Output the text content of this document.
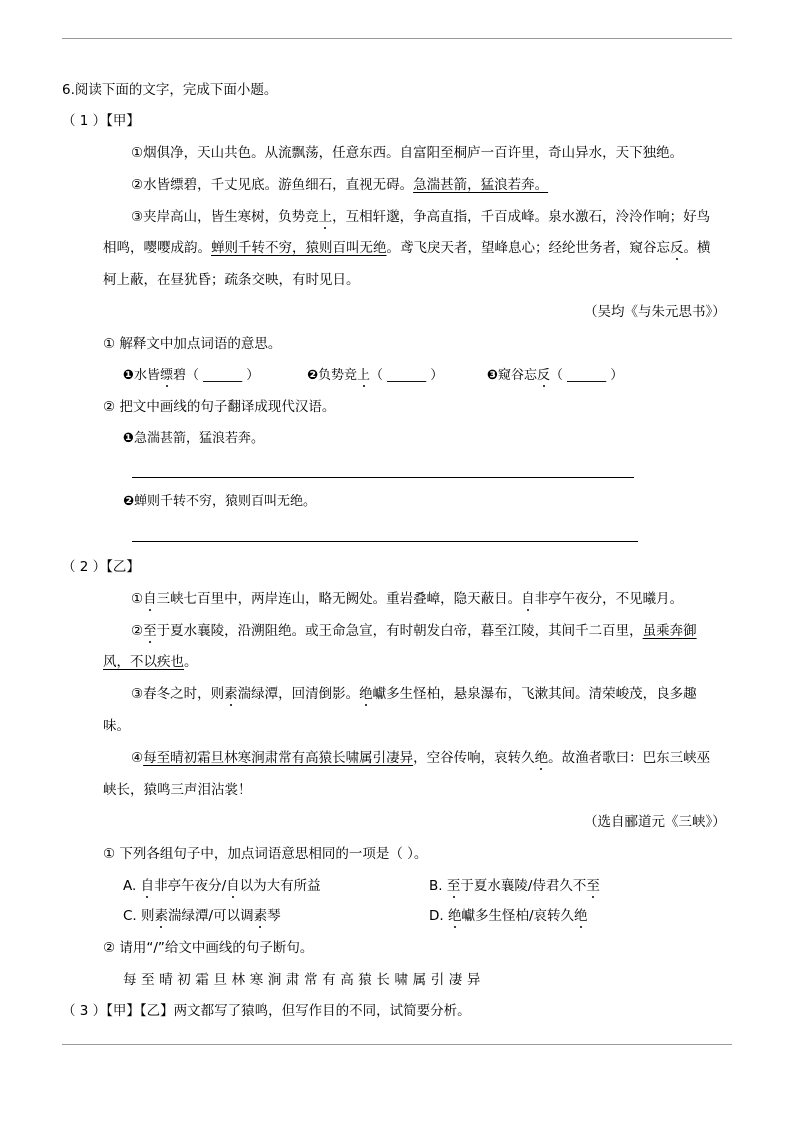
6.阅读下面的文字，完成下面小题。
（ 1 ）【甲】
①烟俱净，天山共色。从流飘荡，任意东西。自富阳至桐庐一百许里，奇山异水，天下独绝。
②水皆缥碧，千丈见底。游鱼细石，直视无碍。急湍甚箭，猛浪若奔。
③夹岸高山，皆生寒树，负势竞上，互相轩邈，争高直指，千百成峰。泉水激石，泠泠作响；好鸟
相鸣，嘤嘤成韵。蝉则千转不穷，猿则百叫无绝。鸢飞戾天者，望峰息心；经纶世务者，窥谷忘反。横
柯上蔽，在昼犹昏；疏条交映，有时见日。
（吴均《与朱元思书》）
① 解释文中加点词语的意思。
❶水皆缥碧（ ______ ）	❷负势竞上（ ______ ）	❸窥谷忘反（ ______ ）
② 把文中画线的句子翻译成现代汉语。
❶急湍甚箭，猛浪若奔。
❷蝉则千转不穷，猿则百叫无绝。
（ 2 ）【乙】
①自三峡七百里中，两岸连山，略无阙处。重岩叠嶂，隐天蔽日。自非亭午夜分，不见曦月。
②至于夏水襄陵，沿溯阻绝。或王命急宣，有时朝发白帝，暮至江陵，其间千二百里，虽乘奔御
风，不以疾也。
③春冬之时，则素湍绿潭，回清倒影。绝巘多生怪柏，悬泉瀑布，飞漱其间。清荣峻茂，良多趣
味。
④每至晴初霜旦林寒涧肃常有高猿长啸属引凄异，空谷传响，哀转久绝。故渔者歌曰：巴东三峡巫
峡长，猿鸣三声泪沾裳！
（选自郦道元《三峡》）
① 下列各组句子中，加点词语意思相同的一项是（ ）。
A. 自非亭午夜分/自以为大有所益	B. 至于夏水襄陵/侍君久不至
C. 则素湍绿潭/可以调素琴	D. 绝巘多生怪柏/哀转久绝
② 请用“/”给文中画线的句子断句。
每至晴初霜旦林寒涧肃常有高猿长啸属引凄异
（ 3 ）【甲】【乙】两文都写了猿鸣，但写作目的不同，试简要分析。
